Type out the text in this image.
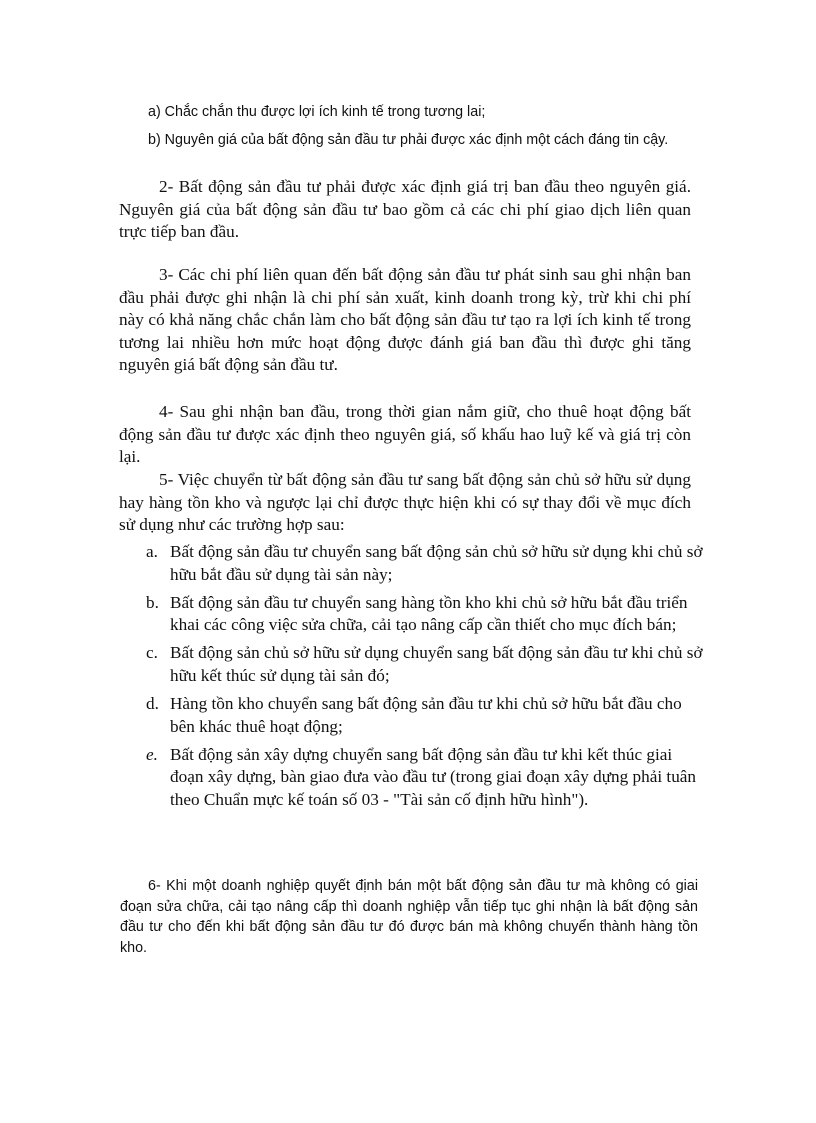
a) Chắc chắn thu được lợi ích kinh tế trong tương lai;

b) Nguyên giá của bất động sản đầu tư phải được xác định một cách đáng tin cậy.

2- Bất động sản đầu tư phải được xác định giá trị ban đầu theo nguyên giá. Nguyên giá của bất động sản đầu tư bao gồm cả các chi phí giao dịch liên quan trực tiếp ban đầu.

3- Các chi phí liên quan đến bất động sản đầu tư phát sinh sau ghi nhận ban đầu phải được ghi nhận là chi phí sản xuất, kinh doanh trong kỳ, trừ khi chi phí này có khả năng chắc chắn làm cho bất động sản đầu tư tạo ra lợi ích kinh tế trong tương lai nhiều hơn mức hoạt động được đánh giá ban đầu thì được ghi tăng nguyên giá bất động sản đầu tư.

4- Sau ghi nhận ban đầu, trong thời gian nắm giữ, cho thuê hoạt động bất động sản đầu tư được xác định theo nguyên giá, số khấu hao luỹ kế và giá trị còn lại.

5- Việc chuyển từ bất động sản đầu tư sang bất động sản chủ sở hữu sử dụng hay hàng tồn kho và ngược lại chỉ được thực hiện khi có sự thay đổi về mục đích sử dụng như các trường hợp sau:

a. Bất động sản đầu tư chuyển sang bất động sản chủ sở hữu sử dụng khi chủ sở hữu bắt đầu sử dụng tài sản này;
b. Bất động sản đầu tư chuyển sang hàng tồn kho khi chủ sở hữu bắt đầu triển khai các công việc sửa chữa, cải tạo nâng cấp cần thiết cho mục đích bán;
c. Bất động sản chủ sở hữu sử dụng chuyển sang bất động sản đầu tư khi chủ sở hữu kết thúc sử dụng tài sản đó;
d. Hàng tồn kho chuyển sang bất động sản đầu tư khi chủ sở hữu bắt đầu cho bên khác thuê hoạt động;
e. Bất động sản xây dựng chuyển sang bất động sản đầu tư khi kết thúc giai đoạn xây dựng, bàn giao đưa vào đầu tư (trong giai đoạn xây dựng phải tuân theo Chuẩn mực kế toán số 03 - "Tài sản cố định hữu hình").

6- Khi một doanh nghiệp quyết định bán một bất động sản đầu tư mà không có giai đoạn sửa chữa, cải tạo nâng cấp thì doanh nghiệp vẫn tiếp tục ghi nhận là bất động sản đầu tư cho đến khi bất động sản đầu tư đó được bán mà không chuyển thành hàng tồn kho.
